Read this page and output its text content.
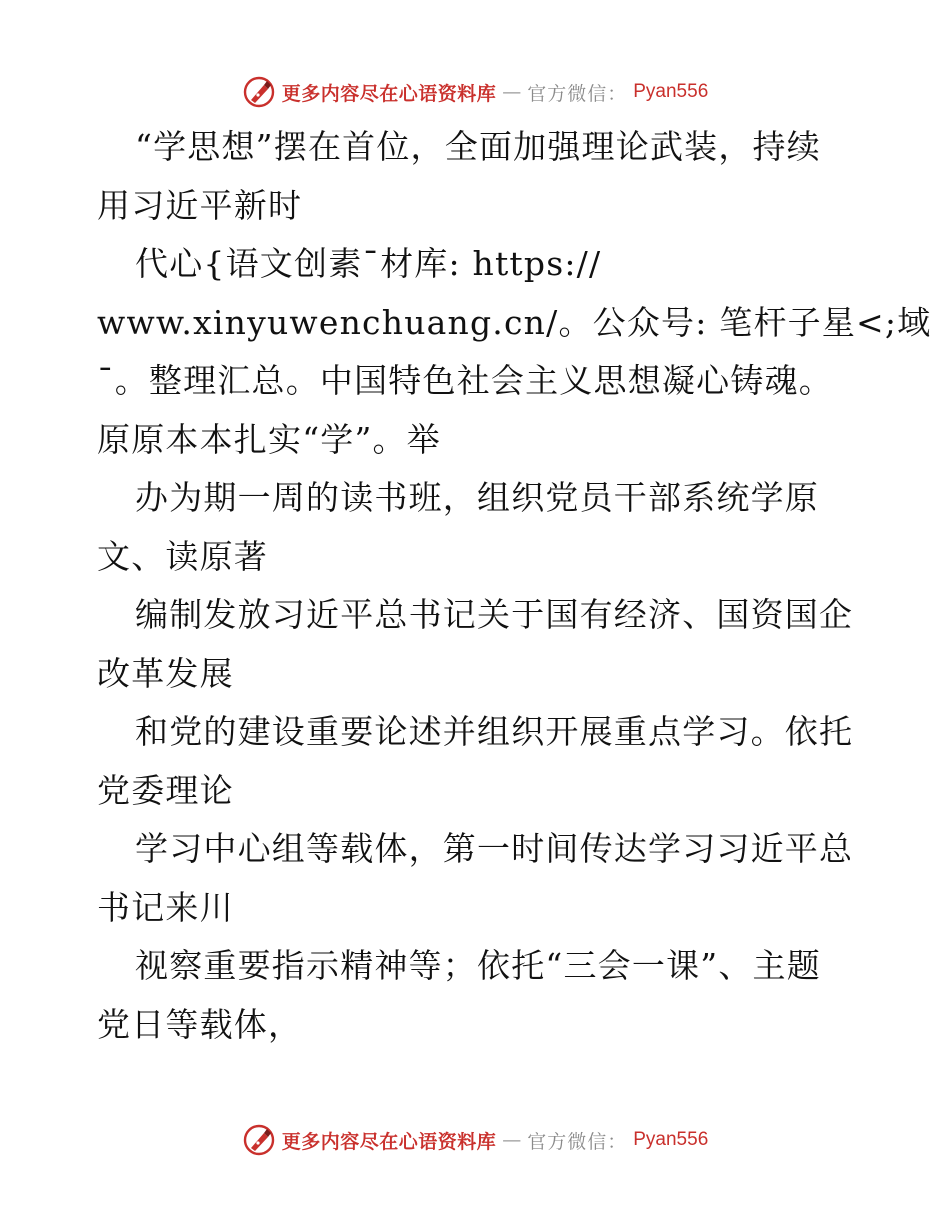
更多内容尽在心语资料库 — 官方微信： Pyan556
“学思想”摆在首位，全面加强理论武装，持续
用习近平新时
代心{语文创素¯材库: https://
www.xinyuwenchuang.cn/。公众号: 笔杆子星<;域
¯。整理汇总。中国特色社会主义思想凝心铸魂。
原原本本扎实“学”。举
办为期一周的读书班，组织党员干部系统学原
文、读原著
编制发放习近平总书记关于国有经济、国资国企
改革发展
和党的建设重要论述并组织开展重点学习。依托
党委理论
学习中心组等载体，第一时间传达学习习近平总
书记来川
视察重要指示精神等；依托“三会一课”、主题
党日等载体，
更多内容尽在心语资料库 — 官方微信： Pyan556
